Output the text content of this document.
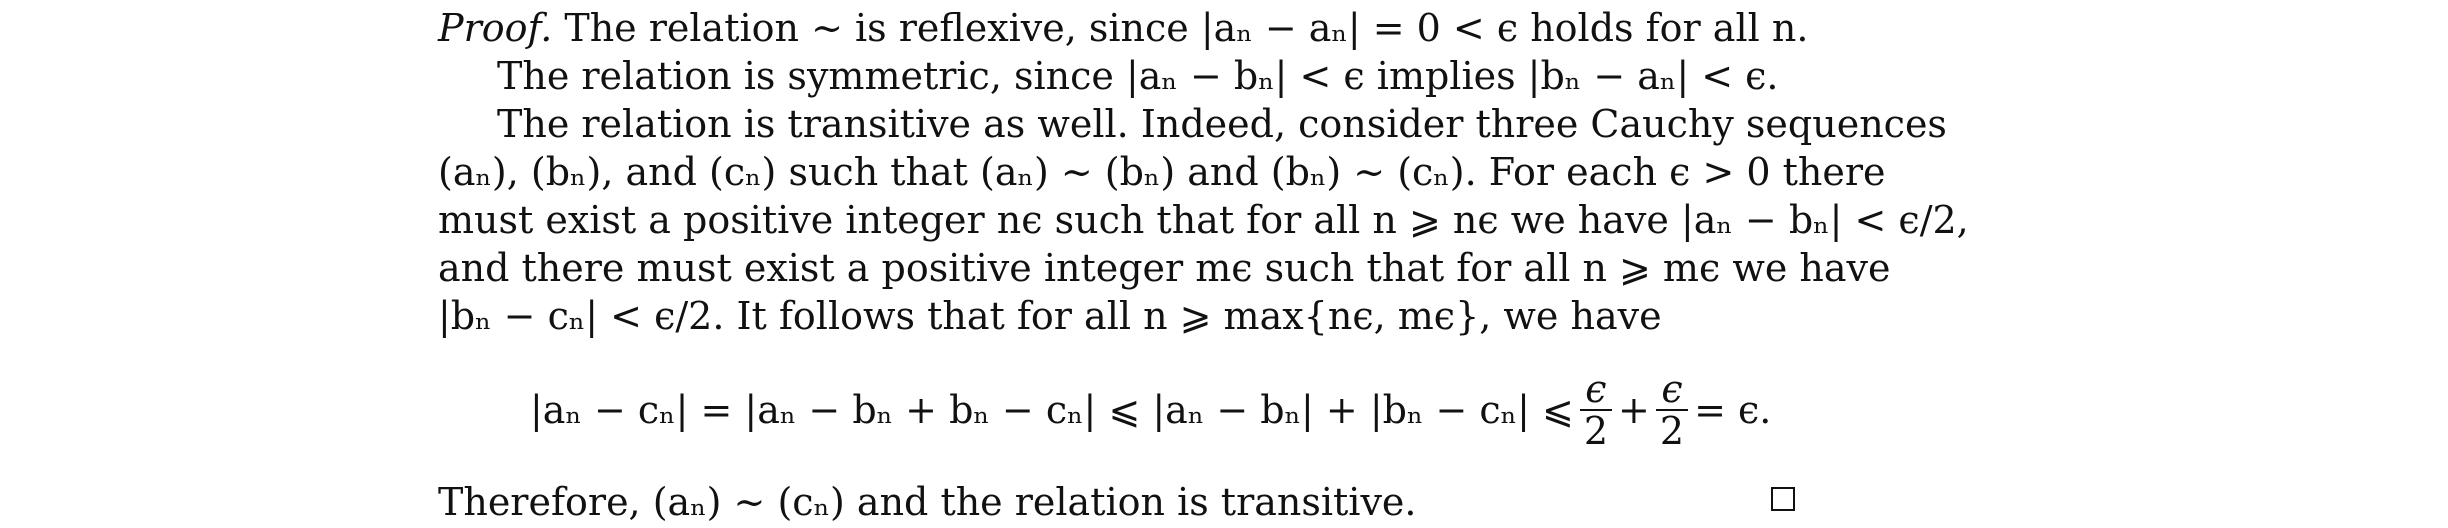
Proof. The relation ∼ is reflexive, since |aₙ − aₙ| = 0 < ϵ holds for all n.
The relation is symmetric, since |aₙ − bₙ| < ϵ implies |bₙ − aₙ| < ϵ.
The relation is transitive as well. Indeed, consider three Cauchy sequences
(aₙ), (bₙ), and (cₙ) such that (aₙ) ∼ (bₙ) and (bₙ) ∼ (cₙ). For each ϵ > 0 there
must exist a positive integer nϵ such that for all n ⩾ nϵ we have |aₙ − bₙ| < ϵ/2,
and there must exist a positive integer mϵ such that for all n ⩾ mϵ we have
|bₙ − cₙ| < ϵ/2. It follows that for all n ⩾ max{nϵ, mϵ}, we have
|aₙ − cₙ| = |aₙ − bₙ + bₙ − cₙ| ⩽ |aₙ − bₙ| + |bₙ − cₙ| ⩽ $\frac{\epsilon}{2} + \frac{\epsilon}{2} = \epsilon$.
Therefore, (aₙ) ∼ (cₙ) and the relation is transitive.
